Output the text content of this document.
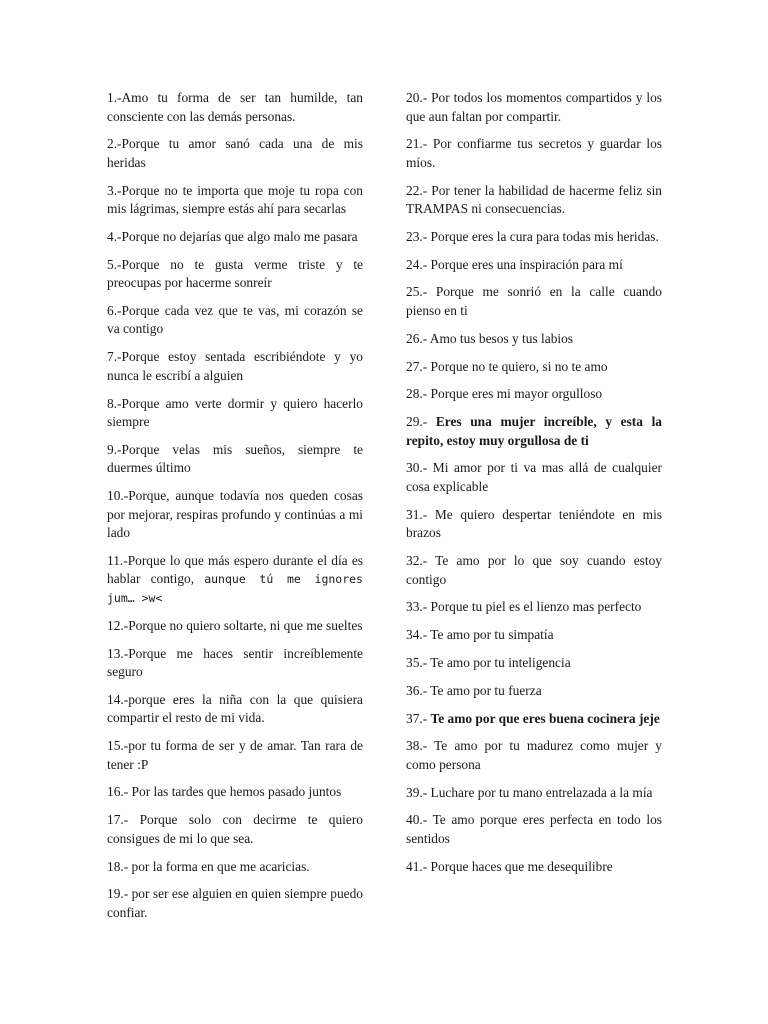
1.-Amo tu forma de ser tan humilde, tan consciente con las demás personas.

2.-Porque tu amor sanó cada una de mis heridas

3.-Porque no te importa que moje tu ropa con mis lágrimas, siempre estás ahí para secarlas

4.-Porque no dejarías que algo malo me pasara

5.-Porque no te gusta verme triste y te preocupas por hacerme sonreír

6.-Porque cada vez que te vas, mi corazón se va contigo

7.-Porque estoy sentada escribiéndote y yo nunca le escribí a alguien

8.-Porque amo verte dormir y quiero hacerlo siempre

9.-Porque velas mis sueños, siempre te duermes último

10.-Porque, aunque todavía nos queden cosas por mejorar, respiras profundo y continúas a mi lado

11.-Porque lo que más espero durante el día es hablar contigo, aunque tú me ignores jum… >w<

12.-Porque no quiero soltarte, ni que me sueltes

13.-Porque me haces sentir increíblemente seguro

14.-porque eres la niña con la que quisiera compartir el resto de mi vida.

15.-por tu forma de ser y de amar. Tan rara de tener :P

16.- Por las tardes que hemos pasado juntos

17.- Porque solo con decirme te quiero consigues de mi lo que sea.

18.- por la forma en que me acaricias.

19.- por ser ese alguien en quien siempre puedo confiar.

20.- Por todos los momentos compartidos y los que aun faltan por compartir.

21.- Por confiarme tus secretos y guardar los míos.

22.- Por tener la habilidad de hacerme feliz sin TRAMPAS ni consecuencias.

23.- Porque eres la cura para todas mis heridas.

24.- Porque eres una inspiración para mí

25.- Porque me sonrió en la calle cuando pienso en ti

26.- Amo tus besos y tus labios

27.- Porque no te quiero, si no te amo

28.- Porque eres mi mayor orgulloso

29.- Eres una mujer increíble, y esta la repito, estoy muy orgullosa de ti

30.- Mi amor por ti va mas allá de cualquier cosa explicable

31.- Me quiero despertar teniéndote en mis brazos

32.- Te amo por lo que soy cuando estoy contigo

33.- Porque tu piel es el lienzo mas perfecto

34.- Te amo por tu simpatía

35.- Te amo por tu inteligencia

36.- Te amo por tu fuerza

37.- Te amo por que eres buena cocinera jeje

38.- Te amo por tu madurez como mujer y como persona

39.- Luchare por tu mano entrelazada a la mía

40.- Te amo porque eres perfecta en todo los sentidos

41.- Porque haces que me desequilibre
